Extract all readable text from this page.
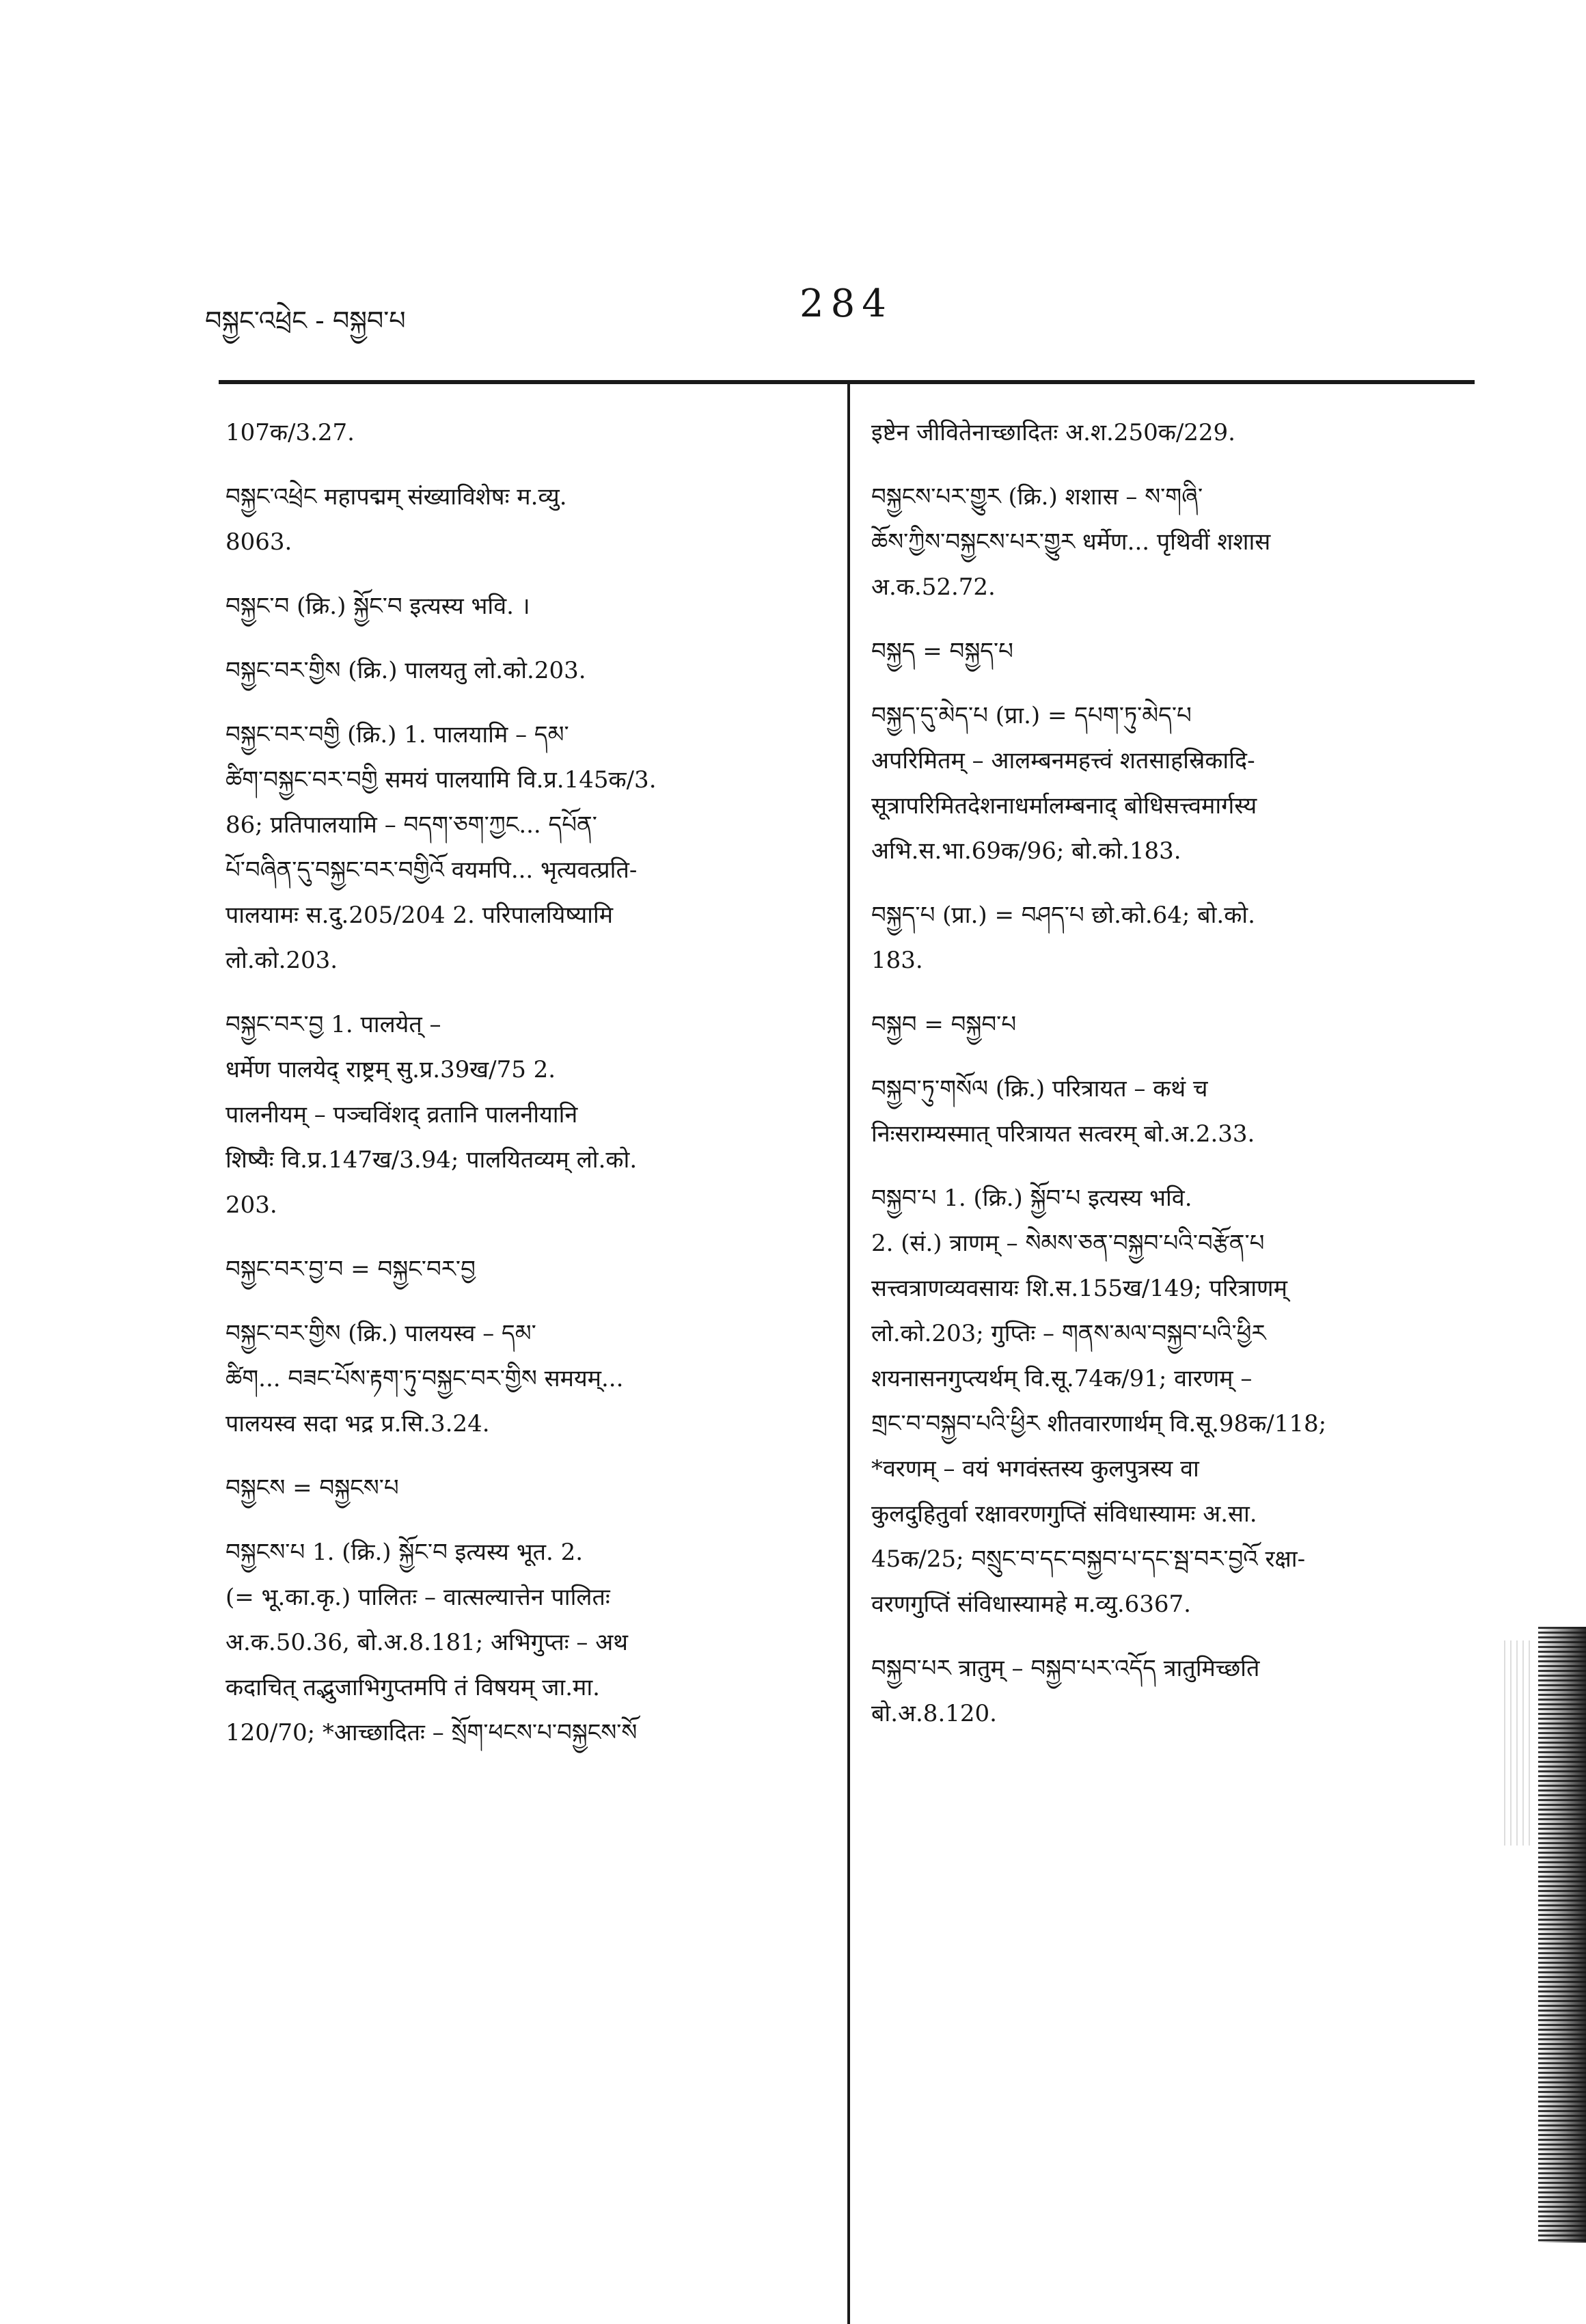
བསྐྱང་འཕྲེང - བསྐྱབ་པ	284
107क/3.27.
བསྐྱང་འཕྲེང महापद्मम् संख्याविशेषः म.व्यु.
8063.
བསྐྱང་བ (क्रि.) སྐྱོང་བ इत्यस्य भवि. ।
བསྐྱང་བར་གྱིས (क्रि.) पालयतु लो.को.203.
བསྐྱང་བར་བགྱི (क्रि.) 1. पालयामि – དམ་
ཚིག་བསྐྱང་བར་བགྱི समयं पालयामि वि.प्र.145क/3.
86; प्रतिपालयामि – བདག་ཅག་ཀྱང... དཔོན་
པོ་བཞིན་དུ་བསྐྱང་བར་བགྱིའོ वयमपि... भृत्यवत्प्रति-
पालयामः स.दु.205/204 2. परिपालयिष्यामि
लो.को.203.
བསྐྱང་བར་བྱ 1. पालयेत् –
धर्मेण पालयेद् राष्ट्रम् सु.प्र.39ख/75 2.
पालनीयम् – पञ्चविंशद् व्रतानि पालनीयानि
शिष्यैः वि.प्र.147ख/3.94; पालयितव्यम् लो.को.
203.
བསྐྱང་བར་བྱ་བ = བསྐྱང་བར་བྱ
བསྐྱང་བར་གྱིས (क्रि.) पालयस्व – དམ་
ཚིག... བཟང་པོས་རྟག་ཏུ་བསྐྱང་བར་གྱིས समयम्...
पालयस्व सदा भद्र प्र.सि.3.24.
བསྐྱངས = བསྐྱངས་པ
བསྐྱངས་པ 1. (क्रि.) སྐྱོང་བ इत्यस्य भूत. 2.
(= भू.का.कृ.) पालितः – वात्सल्यात्तेन पालितः
अ.क.50.36, बो.अ.8.181; अभिगुप्तः – अथ
कदाचित् तद्भुजाभिगुप्तमपि तं विषयम् जा.मा.
120/70; *आच्छादितः – སྲོག་ཕངས་པ་བསྐྱངས་སོ
इष्टेन जीवितेनाच्छादितः अ.श.250क/229.
བསྐྱངས་པར་གྱུར (क्रि.) शशास – ས་གཞི་
ཆོས་ཀྱིས་བསྐྱངས་པར་གྱུར धर्मेण... पृथिवीं शशास
अ.क.52.72.
བསྐྱད = བསྐྱད་པ
བསྐྱད་དུ་མེད་པ (प्रा.) = དཔག་ཏུ་མེད་པ
अपरिमितम् – आलम्बनमहत्त्वं शतसाहस्रिकादि-
सूत्रापरिमितदेशनाधर्मालम्बनाद् बोधिसत्त्वमार्गस्य
अभि.स.भा.69क/96; बो.को.183.
བསྐྱད་པ (प्रा.) = བཤད་པ छो.को.64; बो.को.
183.
བསྐྱབ = བསྐྱབ་པ
བསྐྱབ་ཏུ་གསོལ (क्रि.) परित्रायत – कथं च
निःसराम्यस्मात् परित्रायत सत्वरम् बो.अ.2.33.
བསྐྱབ་པ 1. (क्रि.) སྐྱོབ་པ इत्यस्य भवि.
2. (सं.) त्राणम् – སེམས་ཅན་བསྐྱབ་པའི་བརྩོན་པ
सत्त्वत्राणव्यवसायः शि.स.155ख/149; परित्राणम्
लो.को.203; गुप्तिः – གནས་མལ་བསྐྱབ་པའི་ཕྱིར
शयनासनगुप्त्यर्थम् वि.सू.74क/91; वारणम् –
གྲང་བ་བསྐྱབ་པའི་ཕྱིར शीतवारणार्थम् वि.सू.98क/118;
*वरणम् – वयं भगवंस्तस्य कुलपुत्रस्य वा
कुलदुहितुर्वा रक्षावरणगुप्तिं संविधास्यामः अ.सा.
45क/25; བསྲུང་བ་དང་བསྐྱབ་པ་དང་སྦ་བར་བྱའོ रक्षा-
वरणगुप्तिं संविधास्यामहे म.व्यु.6367.
བསྐྱབ་པར त्रातुम् – བསྐྱབ་པར་འདོད त्रातुमिच्छति
बो.अ.8.120.
